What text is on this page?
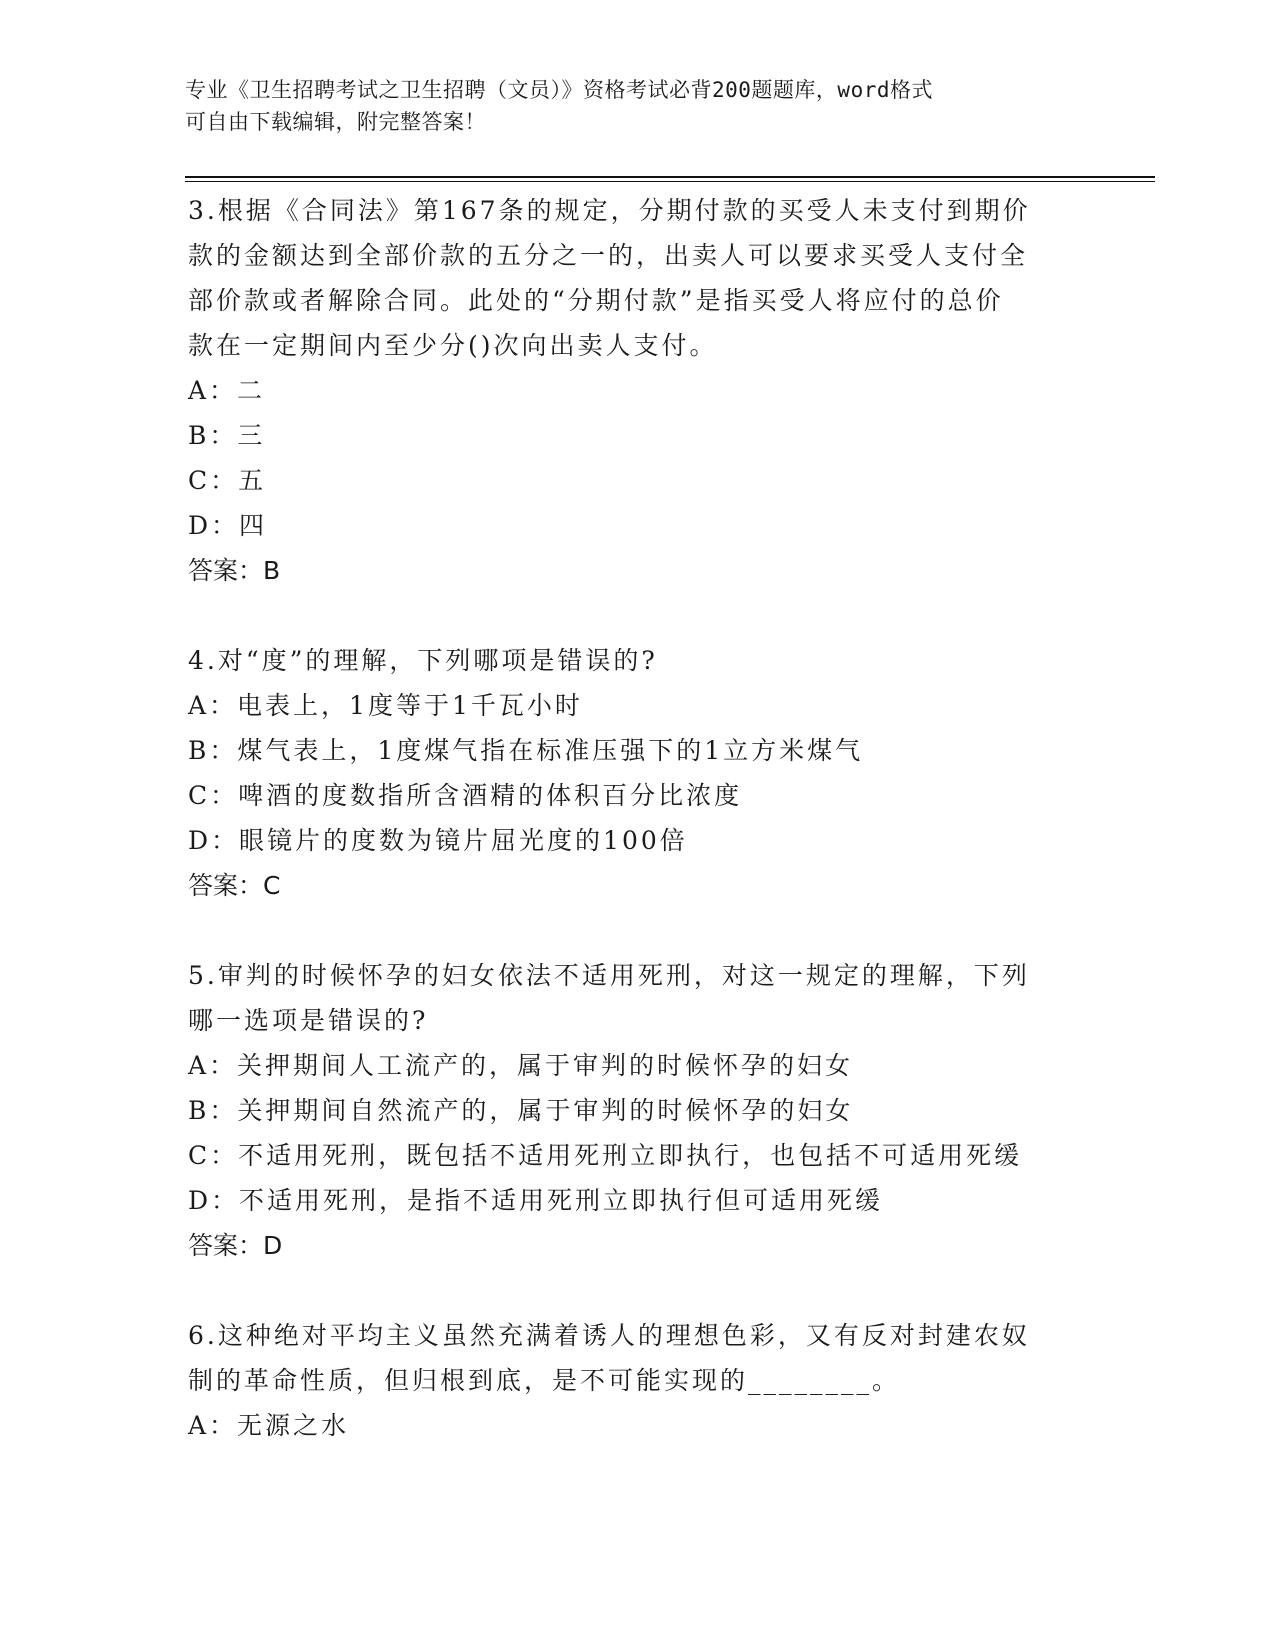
专业《卫生招聘考试之卫生招聘（文员）》资格考试必背200题题库，word格式
可自由下载编辑，附完整答案！
3.根据《合同法》第167条的规定，分期付款的买受人未支付到期价
款的金额达到全部价款的五分之一的，出卖人可以要求买受人支付全
部价款或者解除合同。此处的“分期付款”是指买受人将应付的总价
款在一定期间内至少分()次向出卖人支付。
A：二
B：三
C：五
D：四
答案：B
4.对“度”的理解，下列哪项是错误的?
A：电表上，1度等于1千瓦小时
B：煤气表上，1度煤气指在标准压强下的1立方米煤气
C：啤酒的度数指所含酒精的体积百分比浓度
D：眼镜片的度数为镜片屈光度的100倍
答案：C
5.审判的时候怀孕的妇女依法不适用死刑，对这一规定的理解，下列
哪一选项是错误的?
A：关押期间人工流产的，属于审判的时候怀孕的妇女
B：关押期间自然流产的，属于审判的时候怀孕的妇女
C：不适用死刑，既包括不适用死刑立即执行，也包括不可适用死缓
D：不适用死刑，是指不适用死刑立即执行但可适用死缓
答案：D
6.这种绝对平均主义虽然充满着诱人的理想色彩，又有反对封建农奴
制的革命性质，但归根到底，是不可能实现的________。
A：无源之水
